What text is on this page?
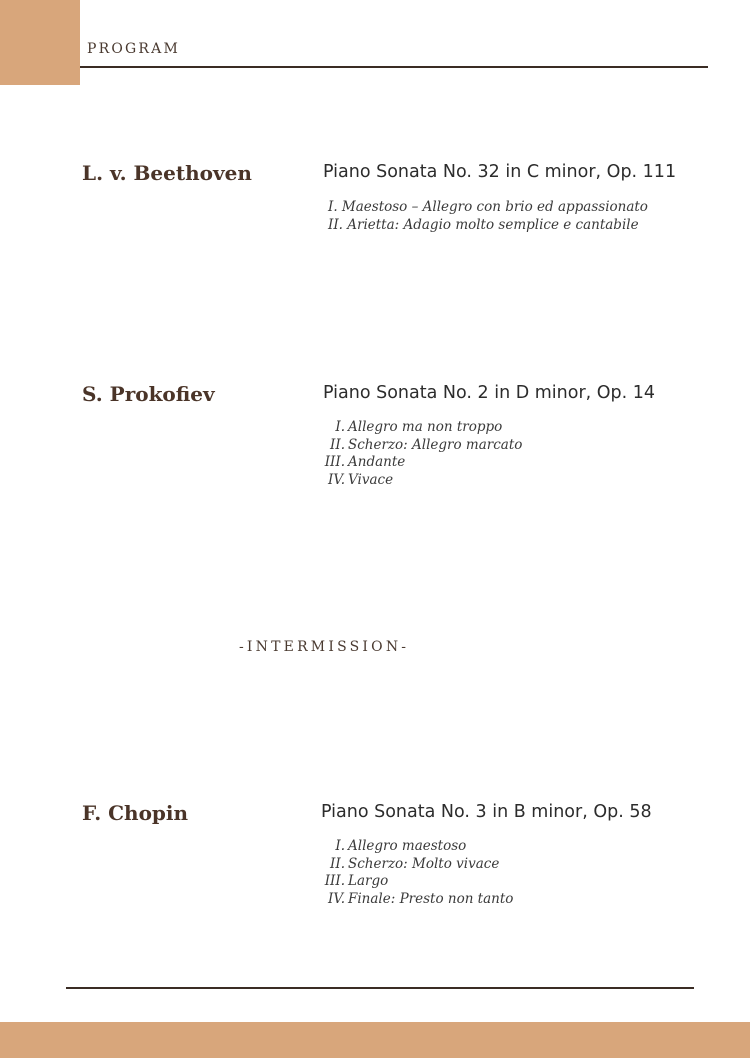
PROGRAM
L. v. Beethoven	Piano Sonata No. 32 in C minor, Op. 111
I. Maestoso – Allegro con brio ed appassionato
II. Arietta: Adagio molto semplice e cantabile
S. Prokofiev	Piano Sonata No. 2 in D minor, Op. 14
I. Allegro ma non troppo
II. Scherzo: Allegro marcato
III. Andante
IV. Vivace
-INTERMISSION-
F. Chopin	Piano Sonata No. 3 in B minor, Op. 58
I. Allegro maestoso
II. Scherzo: Molto vivace
III. Largo
IV. Finale: Presto non tanto
